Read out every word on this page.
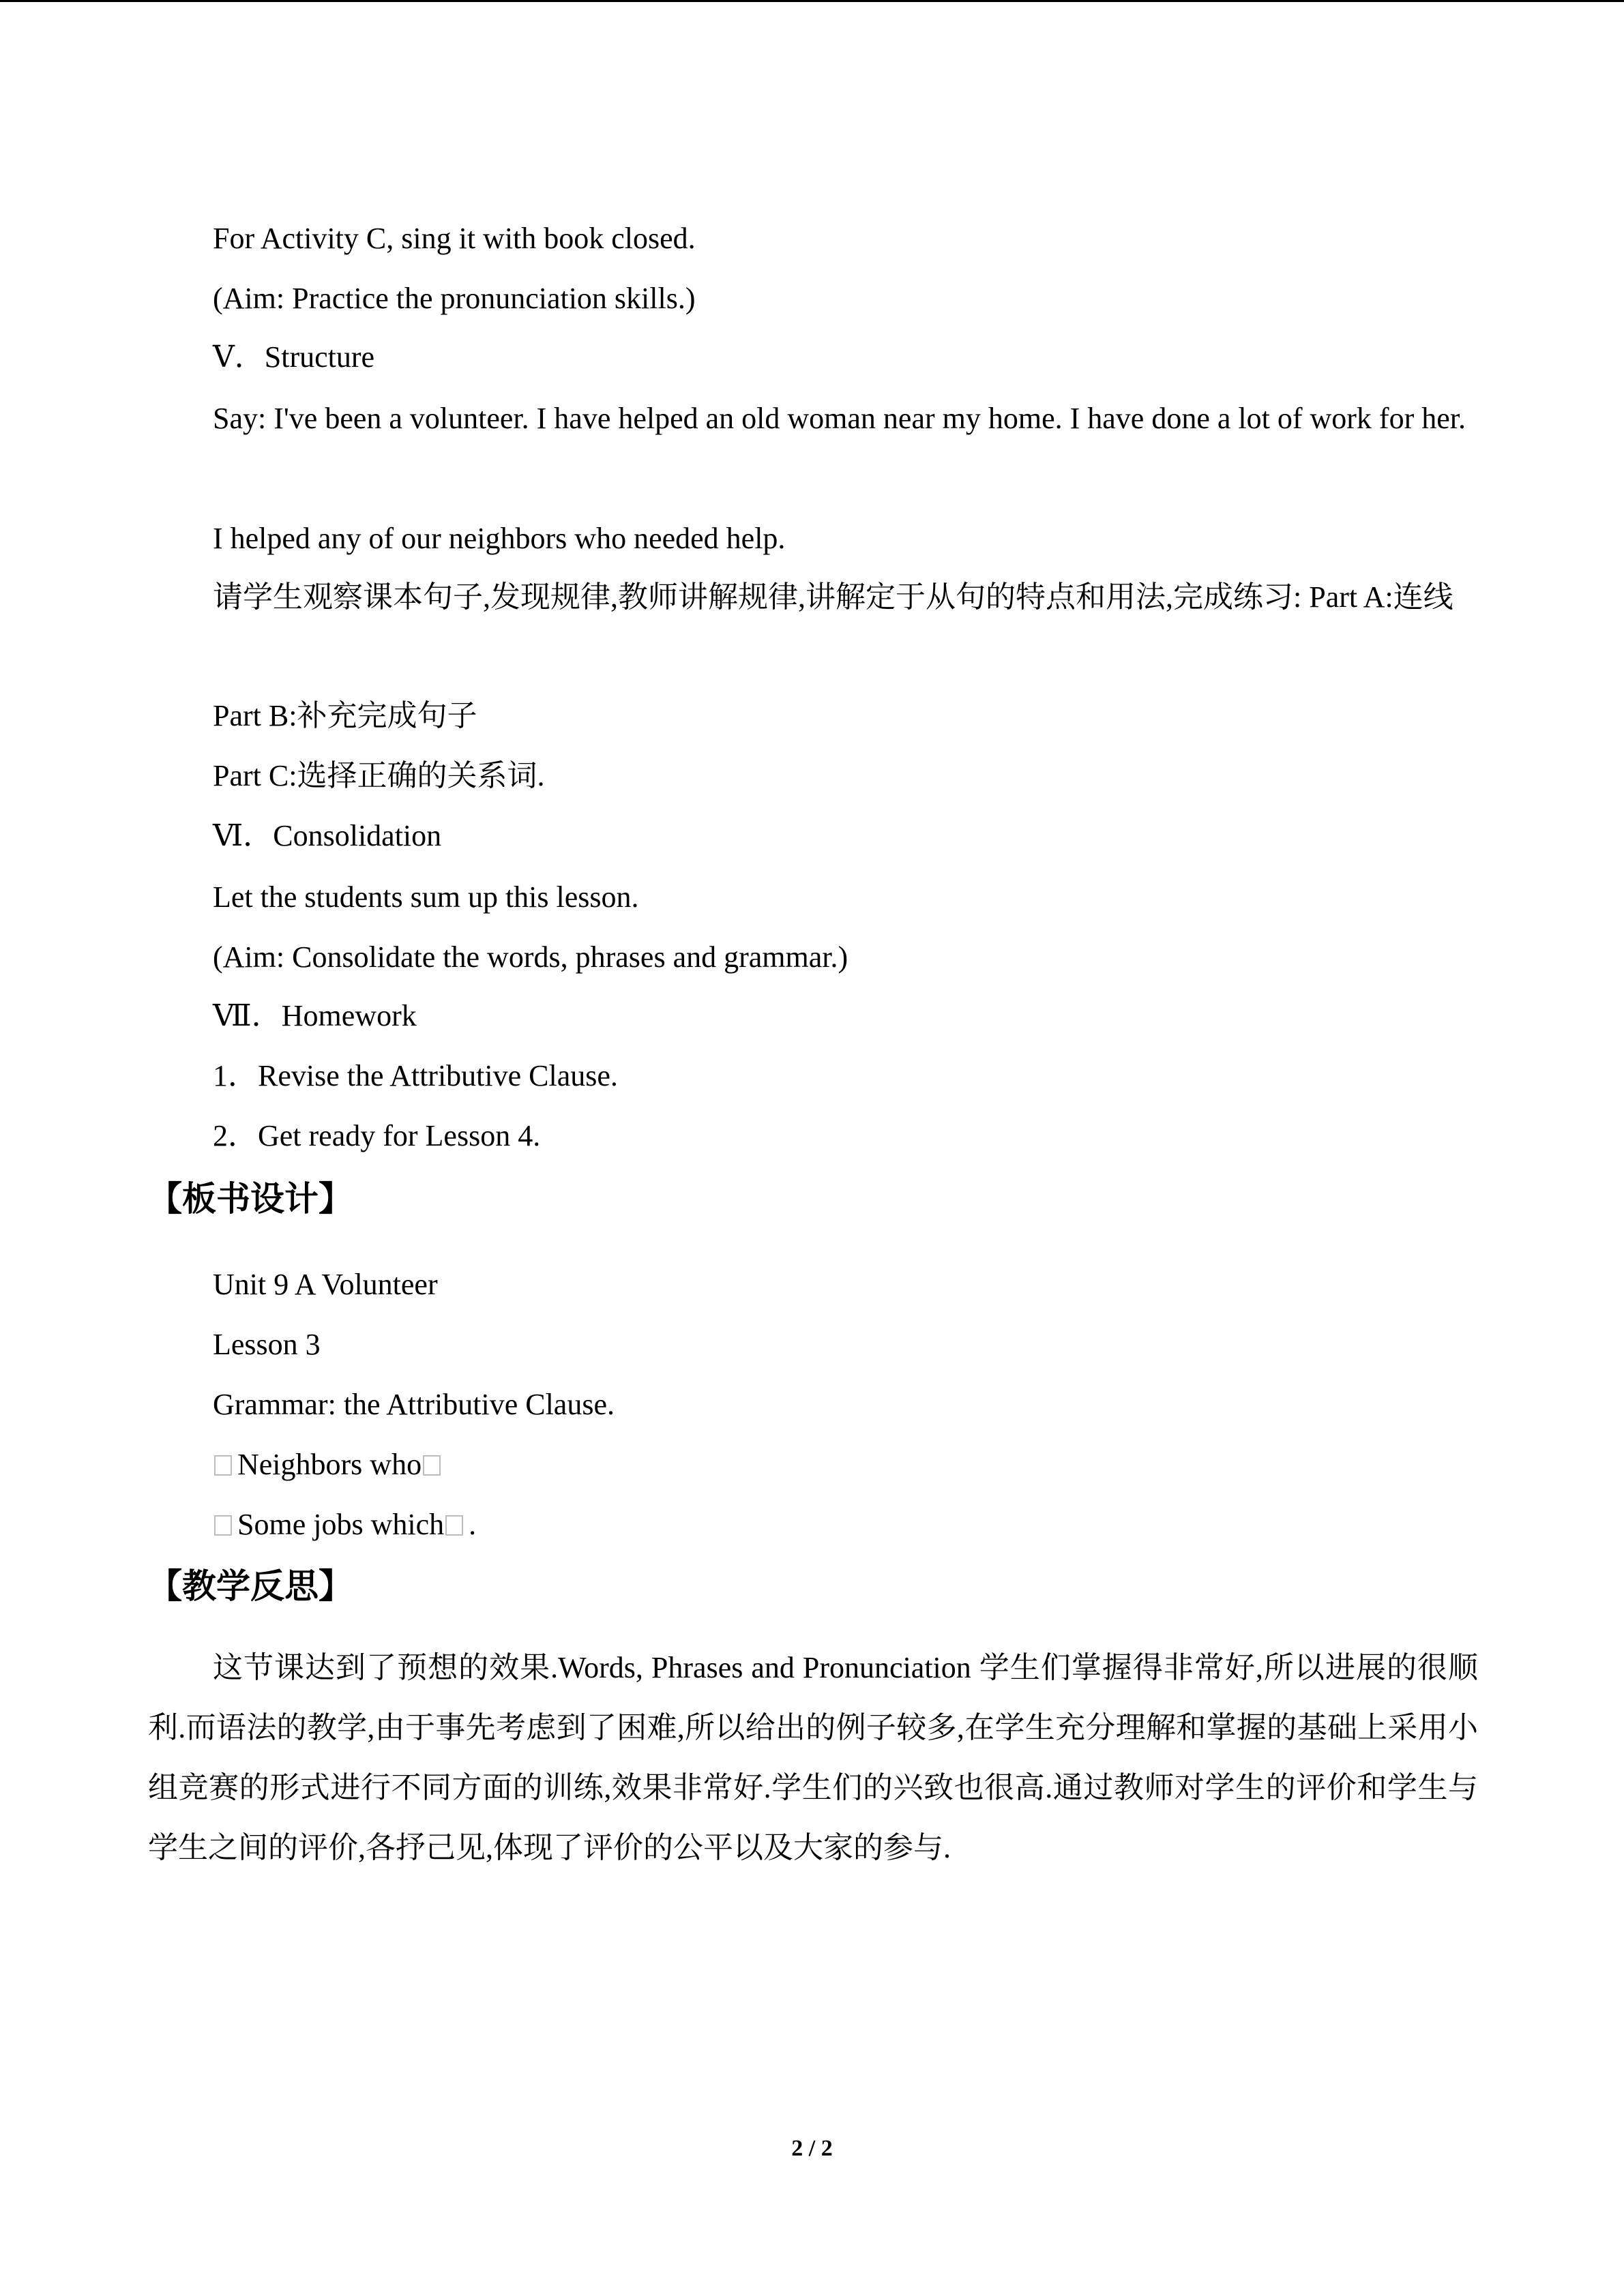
For Activity C, sing it with book closed.

(Aim: Practice the pronunciation skills.)

Ⅴ．Structure

Say: I've been a volunteer. I have helped an old woman near my home. I have done a lot of work for her.

I helped any of our neighbors who needed help.

请学生观察课本句子,发现规律,教师讲解规律,讲解定于从句的特点和用法,完成练习: Part A:连线

Part B:补充完成句子

Part C:选择正确的关系词.

Ⅵ．Consolidation

Let the students sum up this lesson.

(Aim: Consolidate the words, phrases and grammar.)

Ⅶ．Homework

1．Revise the Attributive Clause.

2．Get ready for Lesson 4.

【板书设计】

Unit 9 A Volunteer

Lesson 3

Grammar: the Attributive Clause.

Neighbors who

Some jobs which .

【教学反思】

这节课达到了预想的效果.Words, Phrases and Pronunciation 学生们掌握得非常好,所以进展的很顺利.而语法的教学,由于事先考虑到了困难,所以给出的例子较多,在学生充分理解和掌握的基础上采用小组竞赛的形式进行不同方面的训练,效果非常好.学生们的兴致也很高.通过教师对学生的评价和学生与学生之间的评价,各抒己见,体现了评价的公平以及大家的参与.

2 / 2
